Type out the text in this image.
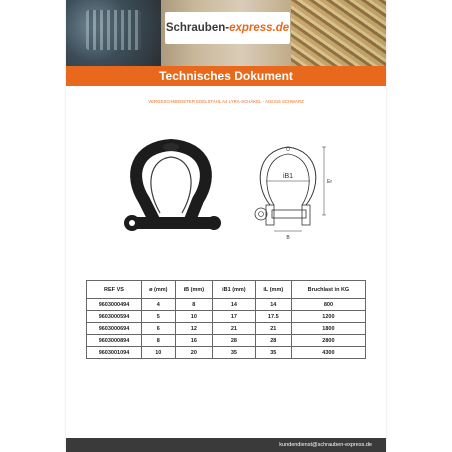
Schrauben- express.de
Technisches Dokument
VERGESCHMIEDETER EDELSTAHL A4 LYRA-SCHÄKEL - AISI316 SCHWARZ
iB1
Er
B
REF VS	ø (mm)	iB (mm)	iB1 (mm)	iL (mm)	Bruchlast in KG
9603000494	4	8	14	14	800
9603000594	5	10	17	17.5	1200
9603000694	6	12	21	21	1800
9603000894	8	16	28	28	2800
9603001094	10	20	35	35	4300
kundendienst@schrauben-express.de
